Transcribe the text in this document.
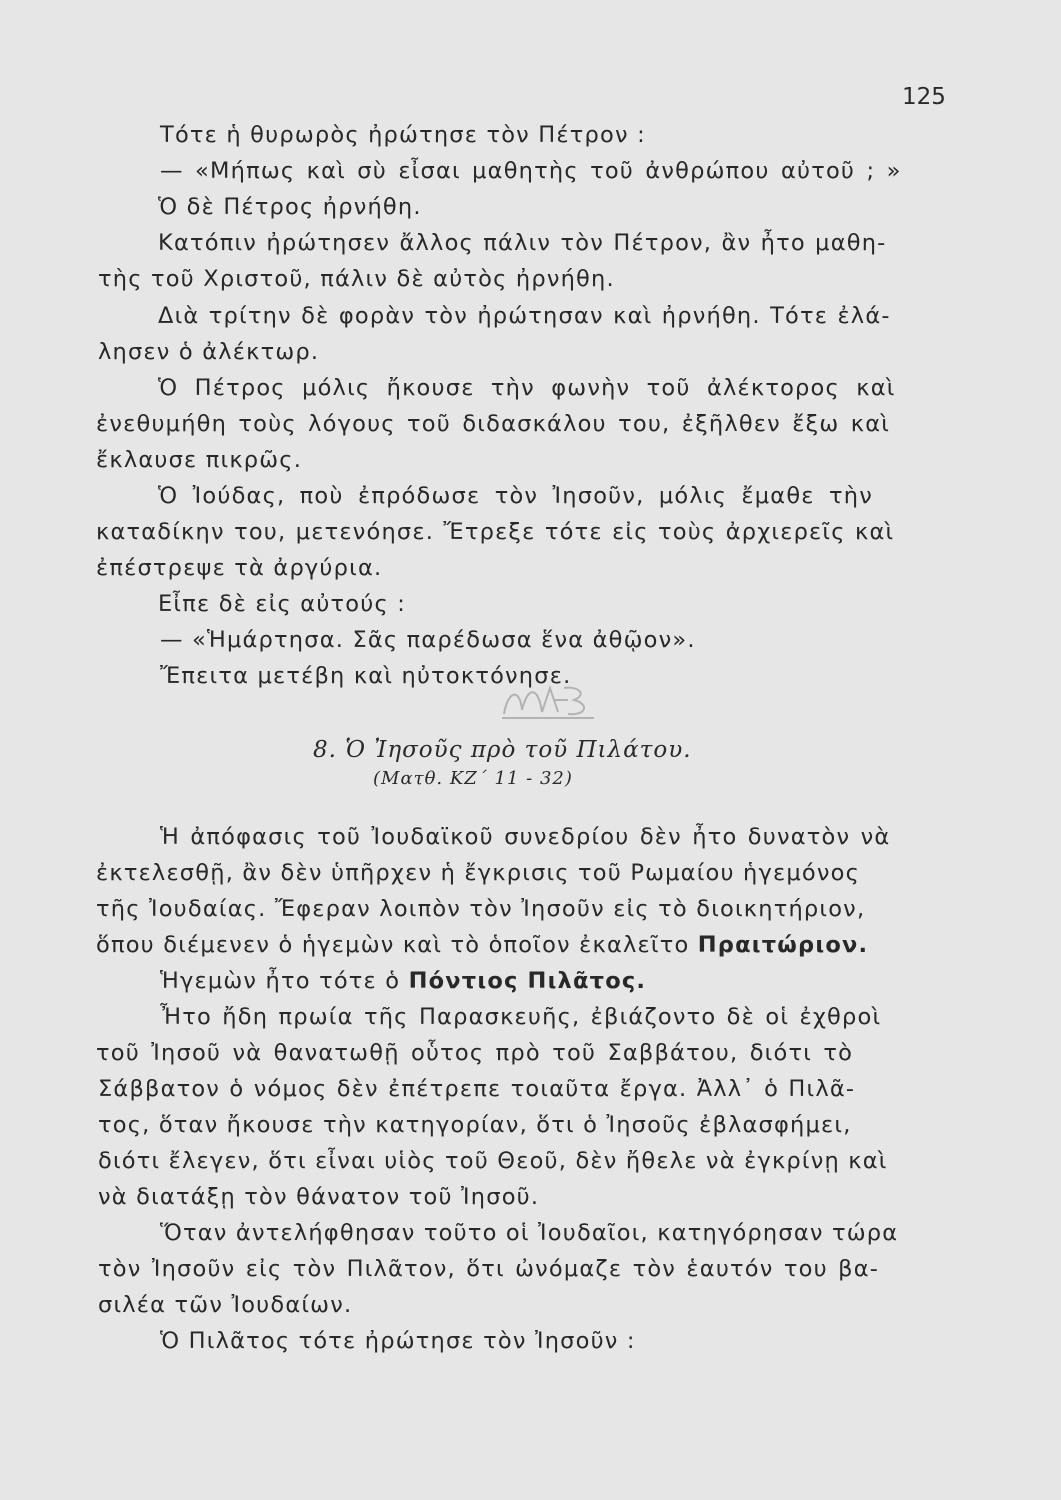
125
Τότε ἡ θυρωρὸς ἠρώτησε τὸν Πέτρον :
— «Μήπως καὶ σὺ εἶσαι μαθητὴς τοῦ ἀνθρώπου αὐτοῦ ; »
Ὁ δὲ Πέτρος ἠρνήθη.
Κατόπιν ἠρώτησεν ἄλλος πάλιν τὸν Πέτρον, ἂν ἦτο μαθη-
τὴς τοῦ Χριστοῦ, πάλιν δὲ αὐτὸς ἠρνήθη.
Διὰ τρίτην δὲ φορὰν τὸν ἠρώτησαν καὶ ἠρνήθη. Τότε ἐλά-
λησεν ὁ ἀλέκτωρ.
Ὁ Πέτρος μόλις ἤκουσε τὴν φωνὴν τοῦ ἀλέκτορος καὶ
ἐνεθυμήθη τοὺς λόγους τοῦ διδασκάλου του, ἐξῆλθεν ἔξω καὶ
ἔκλαυσε πικρῶς.
Ὁ Ἰούδας, ποὺ ἐπρόδωσε τὸν Ἰησοῦν, μόλις ἔμαθε τὴν
καταδίκην του, μετενόησε. Ἔτρεξε τότε εἰς τοὺς ἀρχιερεῖς καὶ
ἐπέστρεψε τὰ ἀργύρια.
Εἶπε δὲ εἰς αὐτούς :
— «Ἡμάρτησα. Σᾶς παρέδωσα ἕνα ἀθῷον».
Ἔπειτα μετέβη καὶ ηὐτοκτόνησε.
8. Ὁ Ἰησοῦς πρὸ τοῦ Πιλάτου.
(Ματθ. ΚΖ΄ 11 - 32)
Ἡ ἀπόφασις τοῦ Ἰουδαϊκοῦ συνεδρίου δὲν ἦτο δυνατὸν νὰ
ἐκτελεσθῇ, ἂν δὲν ὑπῆρχεν ἡ ἔγκρισις τοῦ Ρωμαίου ἡγεμόνος
τῆς Ἰουδαίας. Ἔφεραν λοιπὸν τὸν Ἰησοῦν εἰς τὸ διοικητήριον,
ὅπου διέμενεν ὁ ἡγεμὼν καὶ τὸ ὁποῖον ἐκαλεῖτο Πραιτώριον.
Ἡγεμὼν ἦτο τότε ὁ Πόντιος Πιλᾶτος.
Ἦτο ἤδη πρωία τῆς Παρασκευῆς, ἐβιάζοντο δὲ οἱ ἐχθροὶ
τοῦ Ἰησοῦ νὰ θανατωθῇ οὗτος πρὸ τοῦ Σαββάτου, διότι τὸ
Σάββατον ὁ νόμος δὲν ἐπέτρεπε τοιαῦτα ἔργα. Ἀλλ᾽ ὁ Πιλᾶ-
τος, ὅταν ἤκουσε τὴν κατηγορίαν, ὅτι ὁ Ἰησοῦς ἐβλασφήμει,
διότι ἔλεγεν, ὅτι εἶναι υἱὸς τοῦ Θεοῦ, δὲν ἤθελε νὰ ἐγκρίνῃ καὶ
νὰ διατάξῃ τὸν θάνατον τοῦ Ἰησοῦ.
Ὅταν ἀντελήφθησαν τοῦτο οἱ Ἰουδαῖοι, κατηγόρησαν τώρα
τὸν Ἰησοῦν εἰς τὸν Πιλᾶτον, ὅτι ὠνόμαζε τὸν ἑαυτόν του βα-
σιλέα τῶν Ἰουδαίων.
Ὁ Πιλᾶτος τότε ἠρώτησε τὸν Ἰησοῦν :
